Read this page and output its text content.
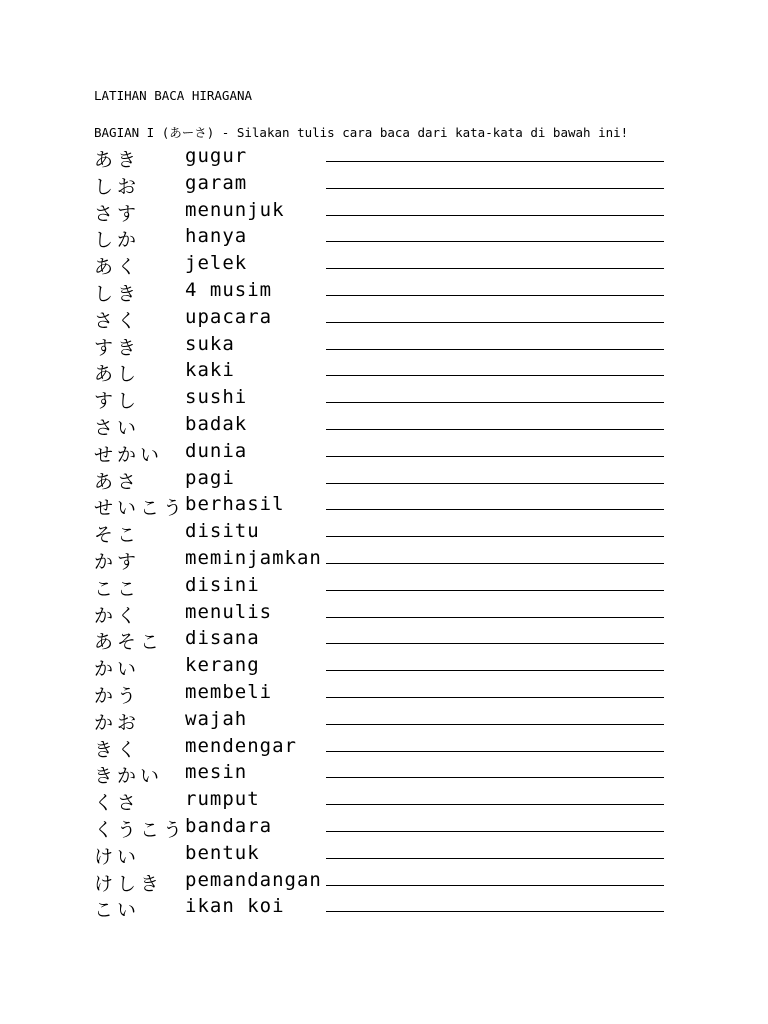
LATIHAN BACA HIRAGANA
BAGIAN I (あーさ) - Silakan tulis cara baca dari kata-kata di bawah ini!
あき gugur
しお garam
さす menunjuk
しか hanya
あく jelek
しき 4 musim
さく upacara
すき suka
あし kaki
すし sushi
さい badak
せかい dunia
あさ pagi
せいこう
berhasil
そこ disitu
かす meminjamkan
ここ disini
かく menulis
あそこ disana
かい kerang
かう membeli
かお wajah
きく mendengar
きかい mesin
くさ rumput
くうこう
bandara
けい bentuk
けしき pemandangan
こい ikan koi
